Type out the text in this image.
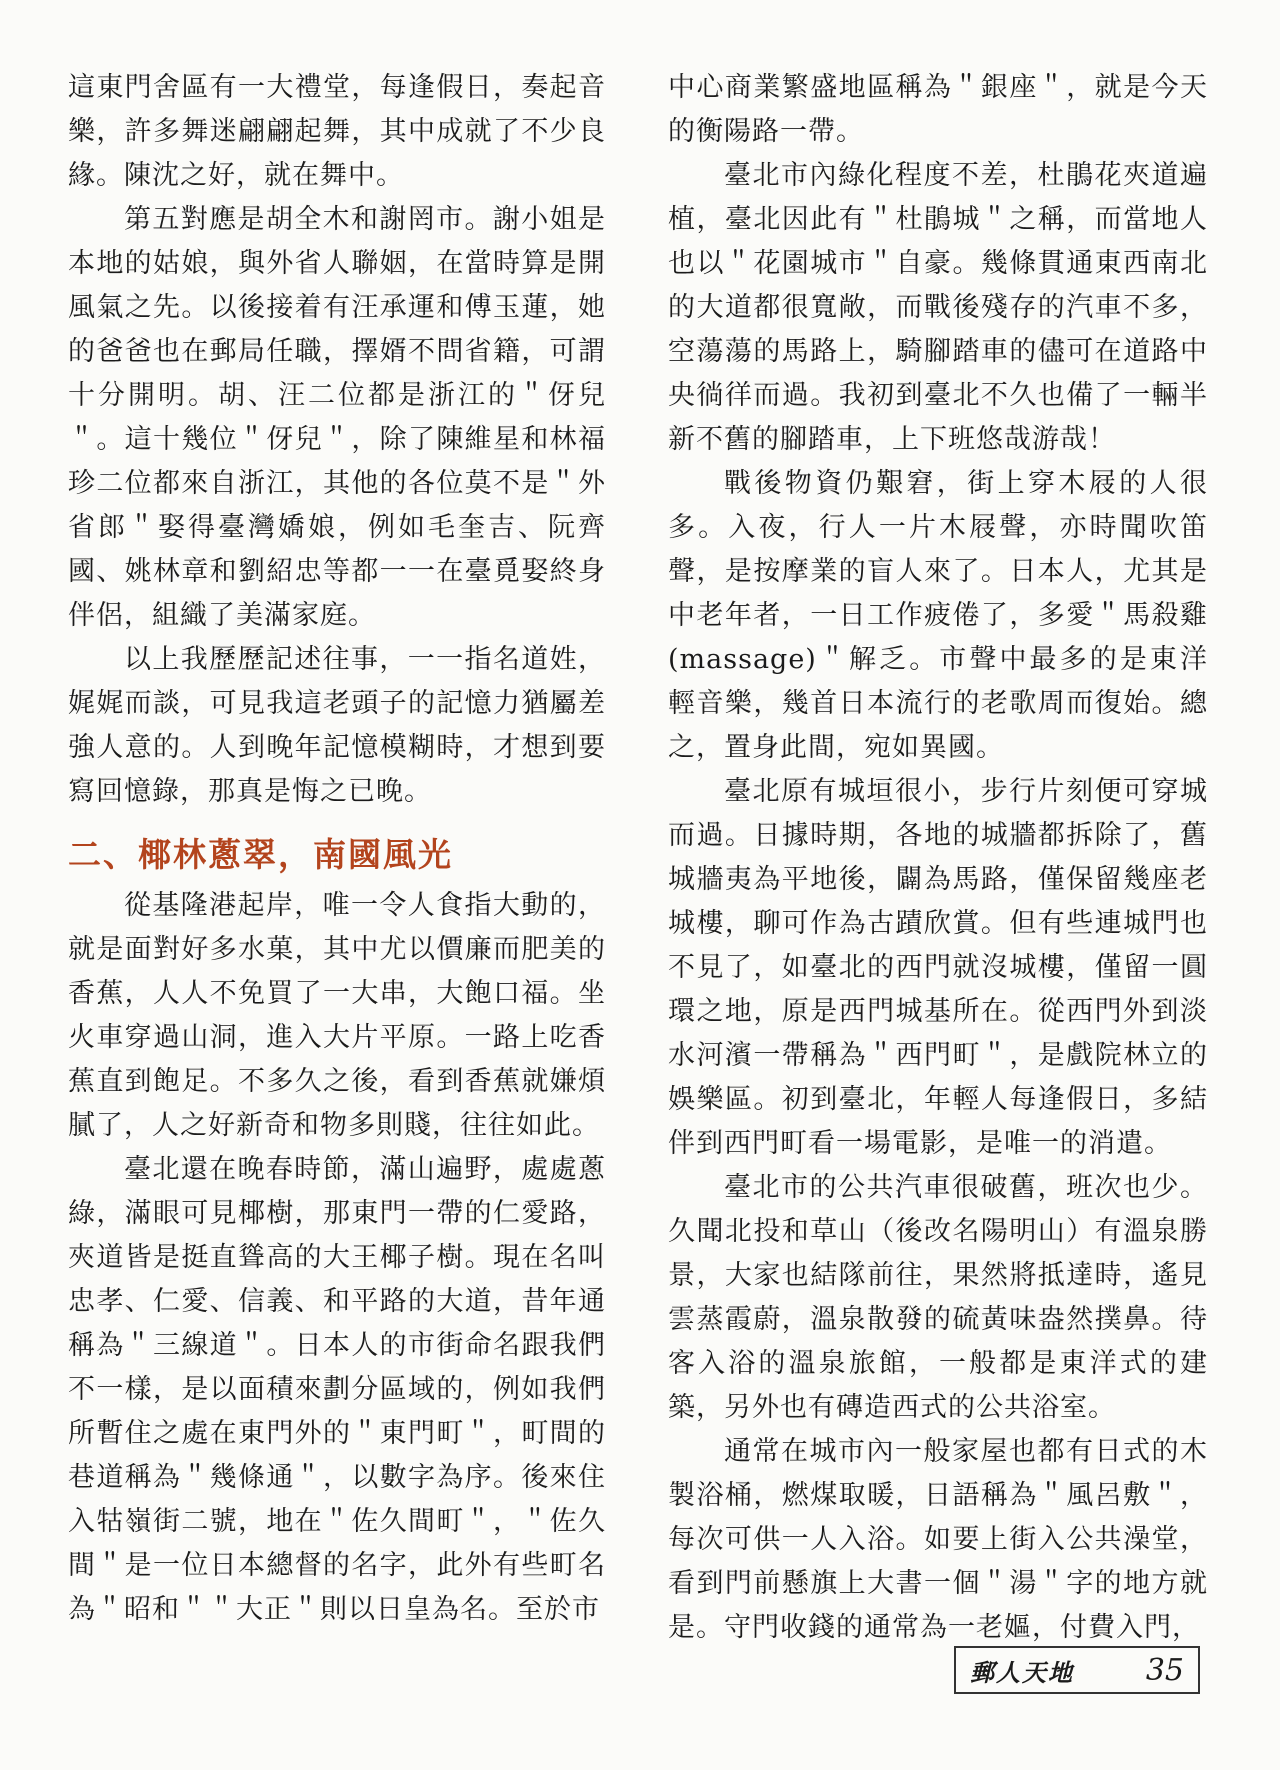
這東門舍區有一大禮堂，每逢假日，奏起音樂，許多舞迷翩翩起舞，其中成就了不少良緣。陳沈之好，就在舞中。

第五對應是胡全木和謝罔市。謝小姐是本地的姑娘，與外省人聯姻，在當時算是開風氣之先。以後接着有汪承運和傅玉蓮，她的爸爸也在郵局任職，擇婿不問省籍，可謂十分開明。胡、汪二位都是浙江的＂伢兒＂。這十幾位＂伢兒＂，除了陳維星和林福珍二位都來自浙江，其他的各位莫不是＂外省郎＂娶得臺灣嬌娘，例如毛奎吉、阮齊國、姚林章和劉紹忠等都一一在臺覓娶終身伴侶，組織了美滿家庭。

以上我歷歷記述往事，一一指名道姓，娓娓而談，可見我這老頭子的記憶力猶屬差強人意的。人到晚年記憶模糊時，才想到要寫回憶錄，那真是悔之已晚。

二、椰林蔥翠，南國風光

從基隆港起岸，唯一令人食指大動的，就是面對好多水菓，其中尤以價廉而肥美的香蕉，人人不免買了一大串，大飽口福。坐火車穿過山洞，進入大片平原。一路上吃香蕉直到飽足。不多久之後，看到香蕉就嫌煩膩了，人之好新奇和物多則賤，往往如此。

臺北還在晚春時節，滿山遍野，處處蔥綠，滿眼可見椰樹，那東門一帶的仁愛路，夾道皆是挺直聳高的大王椰子樹。現在名叫忠孝、仁愛、信義、和平路的大道，昔年通稱為＂三線道＂。日本人的市街命名跟我們不一樣，是以面積來劃分區域的，例如我們所暫住之處在東門外的＂東門町＂，町間的巷道稱為＂幾條通＂，以數字為序。後來住入牯嶺街二號，地在＂佐久間町＂，＂佐久間＂是一位日本總督的名字，此外有些町名為＂昭和＂＂大正＂則以日皇為名。至於市

中心商業繁盛地區稱為＂銀座＂，就是今天的衡陽路一帶。

臺北市內綠化程度不差，杜鵑花夾道遍植，臺北因此有＂杜鵑城＂之稱，而當地人也以＂花園城市＂自豪。幾條貫通東西南北的大道都很寬敞，而戰後殘存的汽車不多，空蕩蕩的馬路上，騎腳踏車的儘可在道路中央徜徉而過。我初到臺北不久也備了一輛半新不舊的腳踏車，上下班悠哉游哉！

戰後物資仍艱窘，街上穿木屐的人很多。入夜，行人一片木屐聲，亦時聞吹笛聲，是按摩業的盲人來了。日本人，尤其是中老年者，一日工作疲倦了，多愛＂馬殺雞(massage)＂解乏。市聲中最多的是東洋輕音樂，幾首日本流行的老歌周而復始。總之，置身此間，宛如異國。

臺北原有城垣很小，步行片刻便可穿城而過。日據時期，各地的城牆都拆除了，舊城牆夷為平地後，闢為馬路，僅保留幾座老城樓，聊可作為古蹟欣賞。但有些連城門也不見了，如臺北的西門就沒城樓，僅留一圓環之地，原是西門城基所在。從西門外到淡水河濱一帶稱為＂西門町＂，是戲院林立的娛樂區。初到臺北，年輕人每逢假日，多結伴到西門町看一場電影，是唯一的消遣。

臺北市的公共汽車很破舊，班次也少。久聞北投和草山（後改名陽明山）有溫泉勝景，大家也結隊前往，果然將抵達時，遙見雲蒸霞蔚，溫泉散發的硫黃味盎然撲鼻。待客入浴的溫泉旅館，一般都是東洋式的建築，另外也有磚造西式的公共浴室。

通常在城市內一般家屋也都有日式的木製浴桶，燃煤取暖，日語稱為＂風呂敷＂，每次可供一人入浴。如要上街入公共澡堂，看到門前懸旗上大書一個＂湯＂字的地方就是。守門收錢的通常為一老嫗，付費入門，

郵人天地 35
